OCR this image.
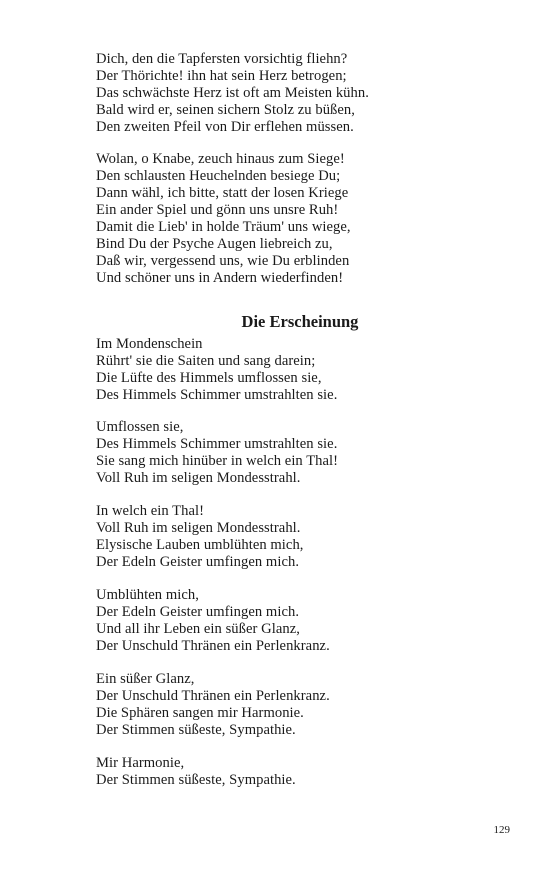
Dich, den die Tapfersten vorsichtig fliehn?
Der Thörichte! ihn hat sein Herz betrogen;
Das schwächste Herz ist oft am Meisten kühn.
Bald wird er, seinen sichern Stolz zu büßen,
Den zweiten Pfeil von Dir erflehen müssen.
Wolan, o Knabe, zeuch hinaus zum Siege!
Den schlausten Heuchelnden besiege Du;
Dann wähl, ich bitte, statt der losen Kriege
Ein ander Spiel und gönn uns unsre Ruh!
Damit die Lieb' in holde Träum' uns wiege,
Bind Du der Psyche Augen liebreich zu,
Daß wir, vergessend uns, wie Du erblinden
Und schöner uns in Andern wiederfinden!
Die Erscheinung
Im Mondenschein
Rührt' sie die Saiten und sang darein;
Die Lüfte des Himmels umflossen sie,
Des Himmels Schimmer umstrahlten sie.
Umflossen sie,
Des Himmels Schimmer umstrahlten sie.
Sie sang mich hinüber in welch ein Thal!
Voll Ruh im seligen Mondesstrahl.
In welch ein Thal!
Voll Ruh im seligen Mondesstrahl.
Elysische Lauben umblühten mich,
Der Edeln Geister umfingen mich.
Umblühten mich,
Der Edeln Geister umfingen mich.
Und all ihr Leben ein süßer Glanz,
Der Unschuld Thränen ein Perlenkranz.
Ein süßer Glanz,
Der Unschuld Thränen ein Perlenkranz.
Die Sphären sangen mir Harmonie.
Der Stimmen süßeste, Sympathie.
Mir Harmonie,
Der Stimmen süßeste, Sympathie.
129
